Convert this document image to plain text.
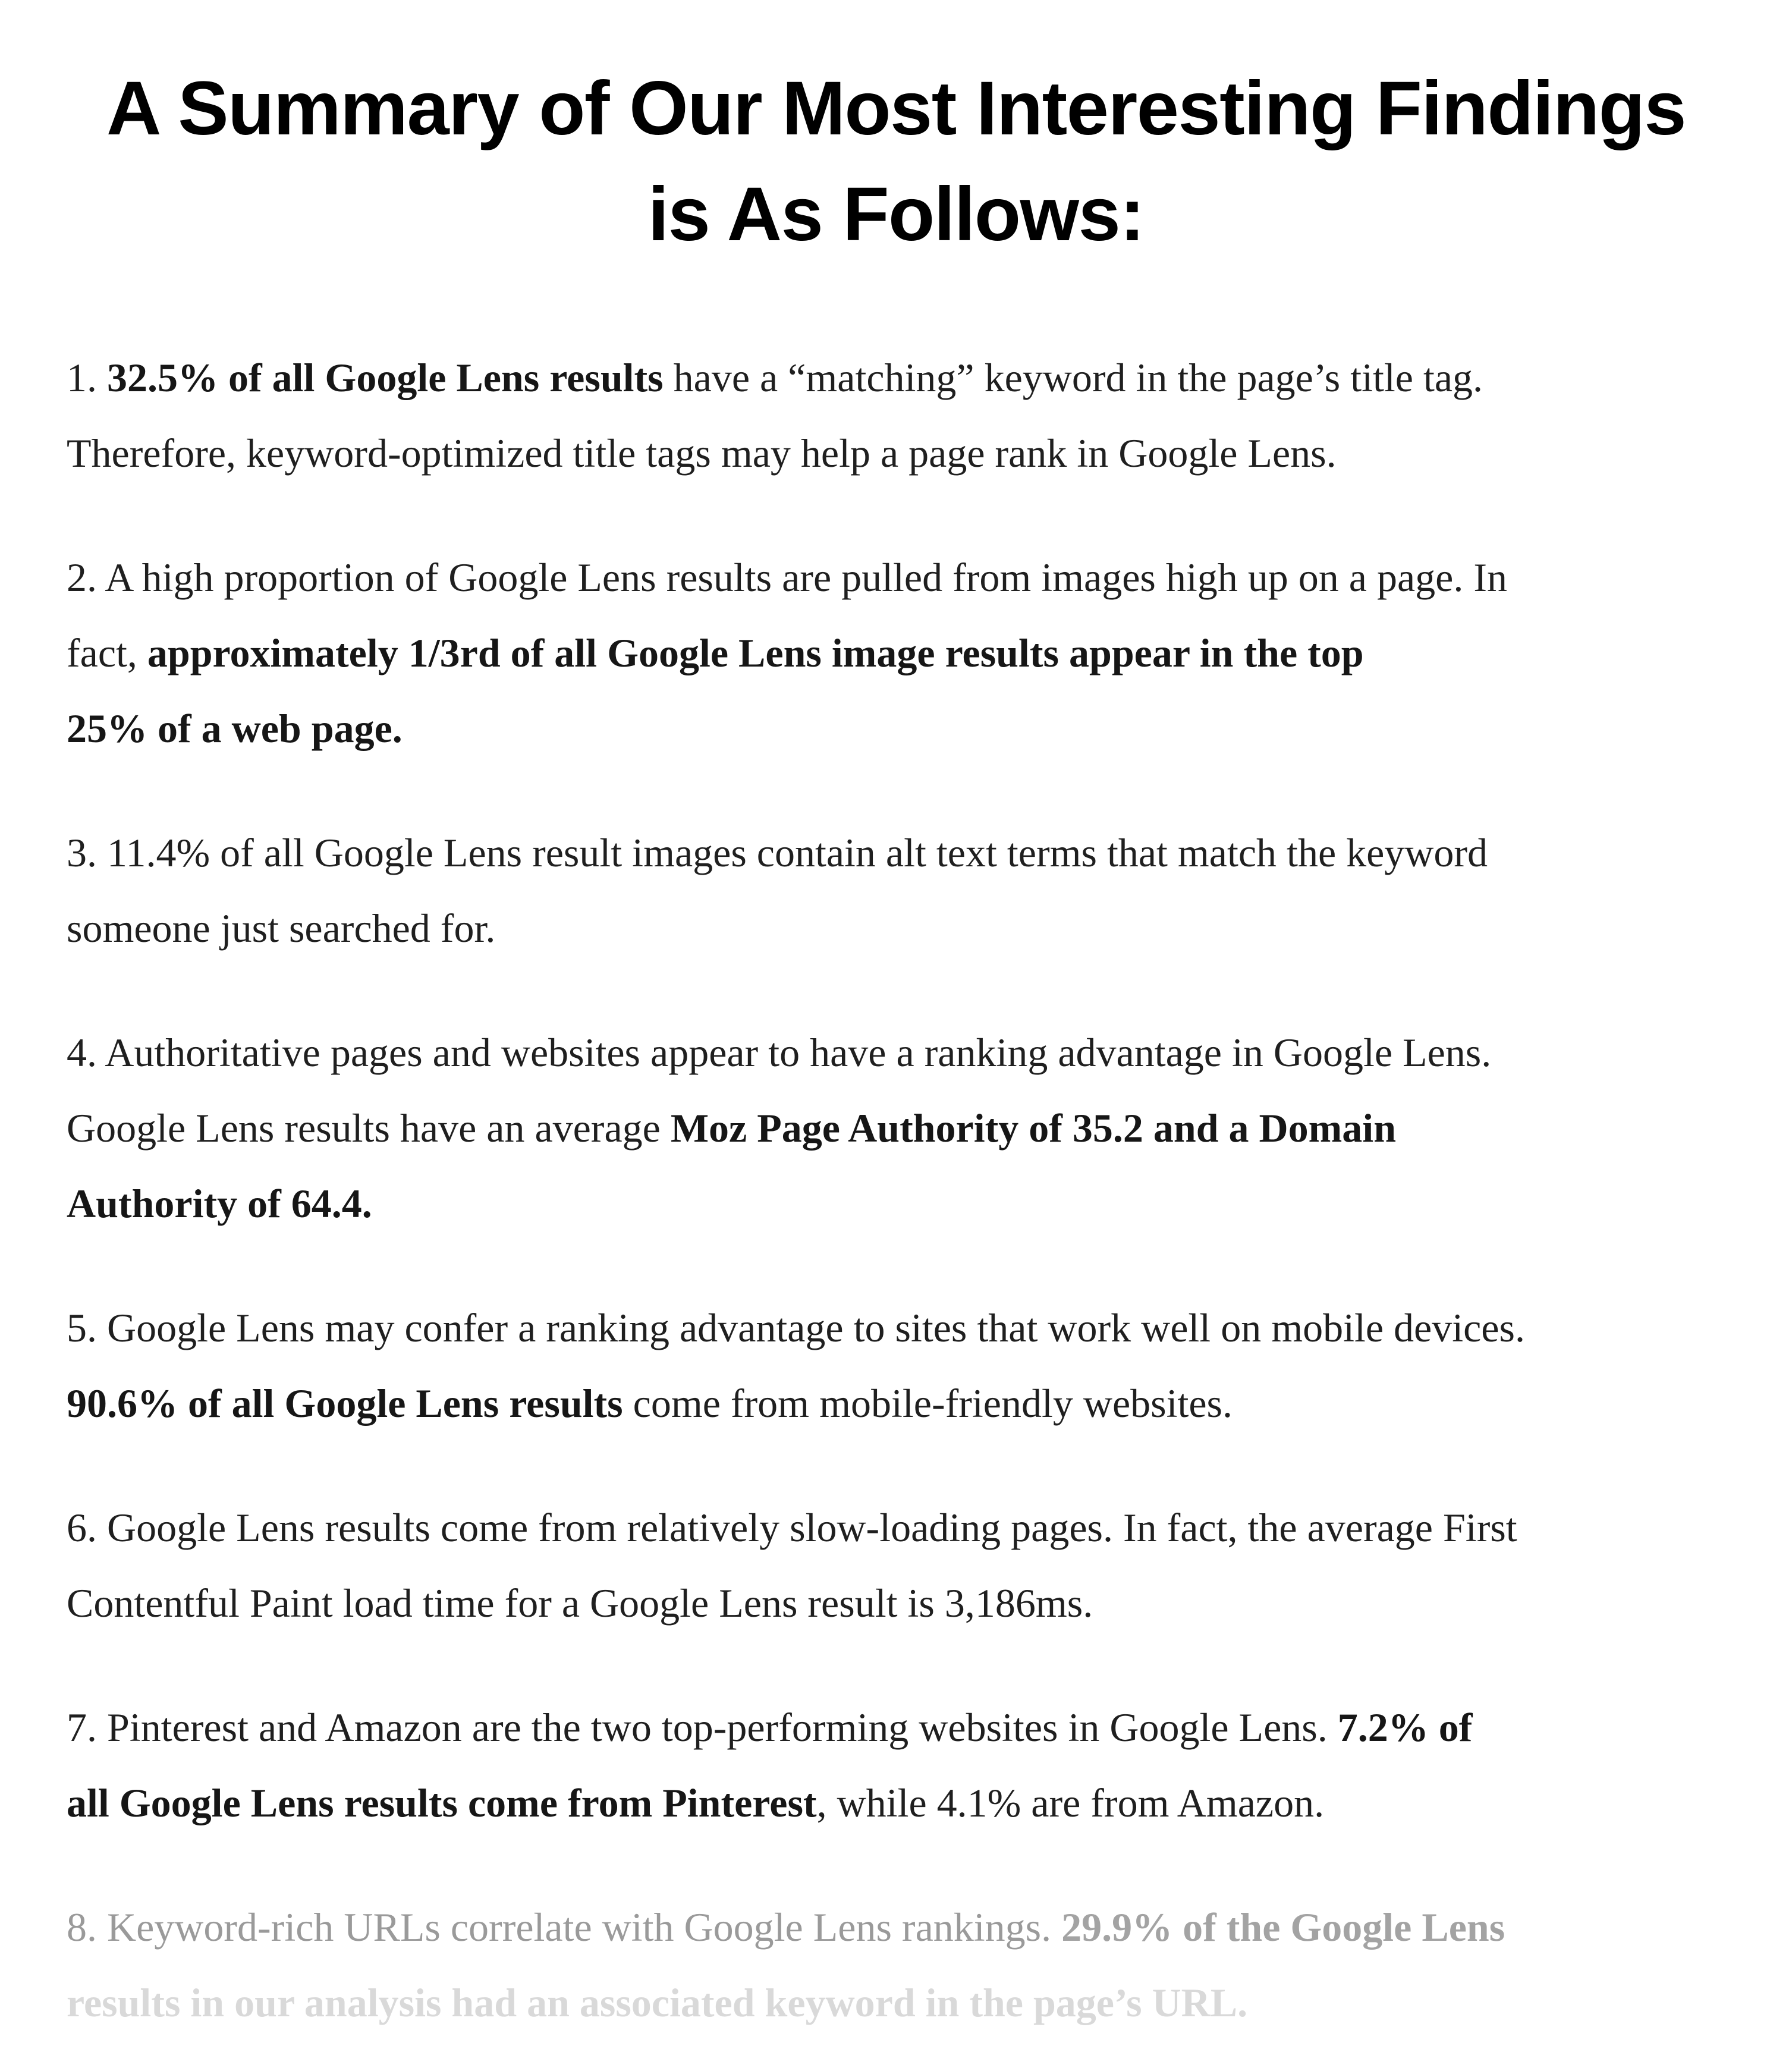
A Summary of Our Most Interesting Findings
is As Follows:
1. 32.5% of all Google Lens results have a “matching” keyword in the page’s title tag.
Therefore, keyword-optimized title tags may help a page rank in Google Lens.
2. A high proportion of Google Lens results are pulled from images high up on a page. In
fact, approximately 1/3rd of all Google Lens image results appear in the top
25% of a web page.
3. 11.4% of all Google Lens result images contain alt text terms that match the keyword
someone just searched for.
4. Authoritative pages and websites appear to have a ranking advantage in Google Lens.
Google Lens results have an average Moz Page Authority of 35.2 and a Domain
Authority of 64.4.
5. Google Lens may confer a ranking advantage to sites that work well on mobile devices.
90.6% of all Google Lens results come from mobile-friendly websites.
6. Google Lens results come from relatively slow-loading pages. In fact, the average First
Contentful Paint load time for a Google Lens result is 3,186ms.
7. Pinterest and Amazon are the two top-performing websites in Google Lens. 7.2% of
all Google Lens results come from Pinterest, while 4.1% are from Amazon.
8. Keyword-rich URLs correlate with Google Lens rankings. 29.9% of the Google Lens
results in our analysis had an associated keyword in the page’s URL.
